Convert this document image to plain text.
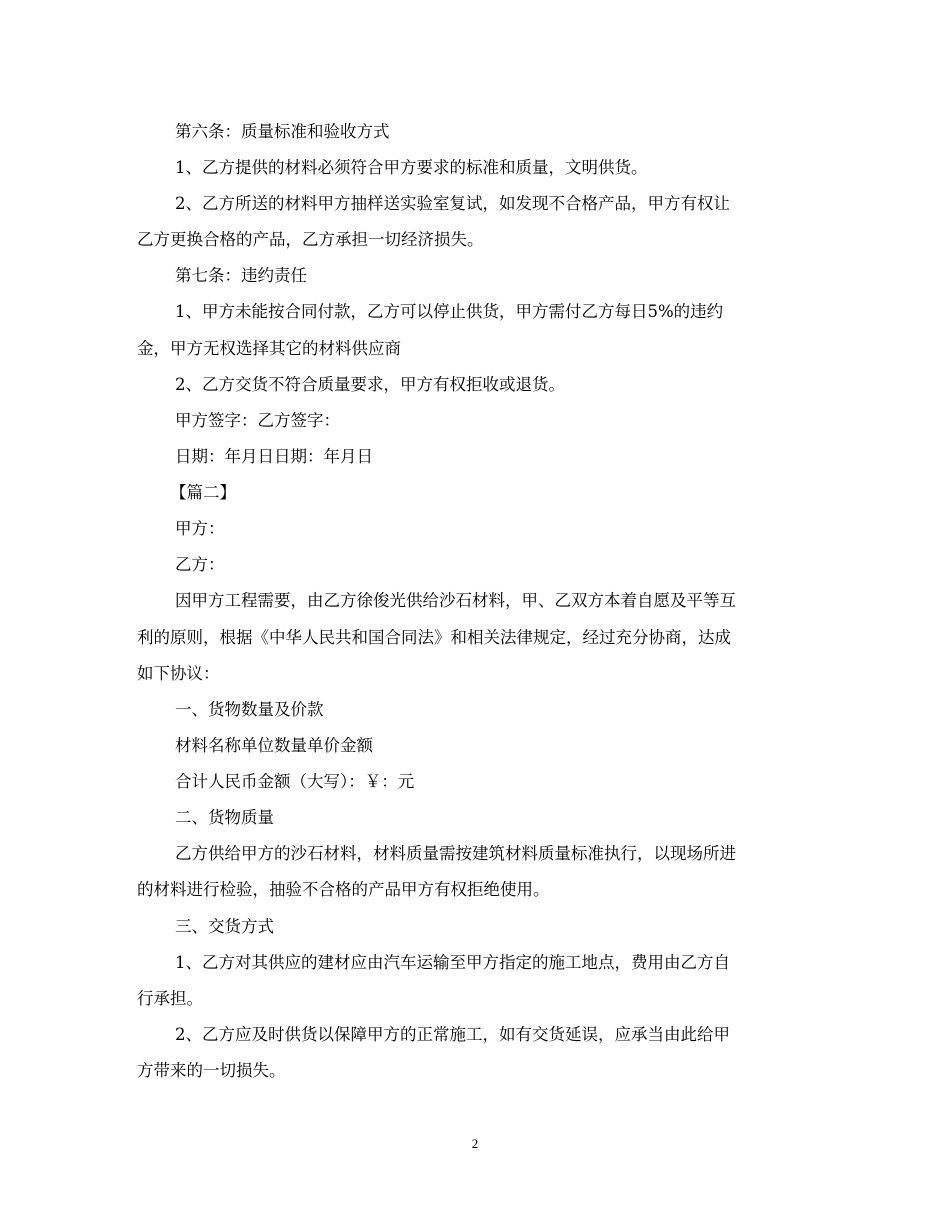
第六条：质量标准和验收方式
1、乙方提供的材料必须符合甲方要求的标准和质量，文明供货。
2、乙方所送的材料甲方抽样送实验室复试，如发现不合格产品，甲方有权让
乙方更换合格的产品，乙方承担一切经济损失。
第七条：违约责任
1、甲方未能按合同付款，乙方可以停止供货，甲方需付乙方每日5%的违约
金，甲方无权选择其它的材料供应商
2、乙方交货不符合质量要求，甲方有权拒收或退货。
甲方签字：乙方签字：
日期：年月日日期：年月日
【篇二】
甲方：
乙方：
因甲方工程需要，由乙方徐俊光供给沙石材料，甲、乙双方本着自愿及平等互
利的原则，根据《中华人民共和国合同法》和相关法律规定，经过充分协商，达成
如下协议：
一、货物数量及价款
材料名称单位数量单价金额
合计人民币金额（大写）：￥：元
二、货物质量
乙方供给甲方的沙石材料，材料质量需按建筑材料质量标准执行，以现场所进
的材料进行检验，抽验不合格的产品甲方有权拒绝使用。
三、交货方式
1、乙方对其供应的建材应由汽车运输至甲方指定的施工地点，费用由乙方自
行承担。
2、乙方应及时供货以保障甲方的正常施工，如有交货延误，应承当由此给甲
方带来的一切损失。
2
